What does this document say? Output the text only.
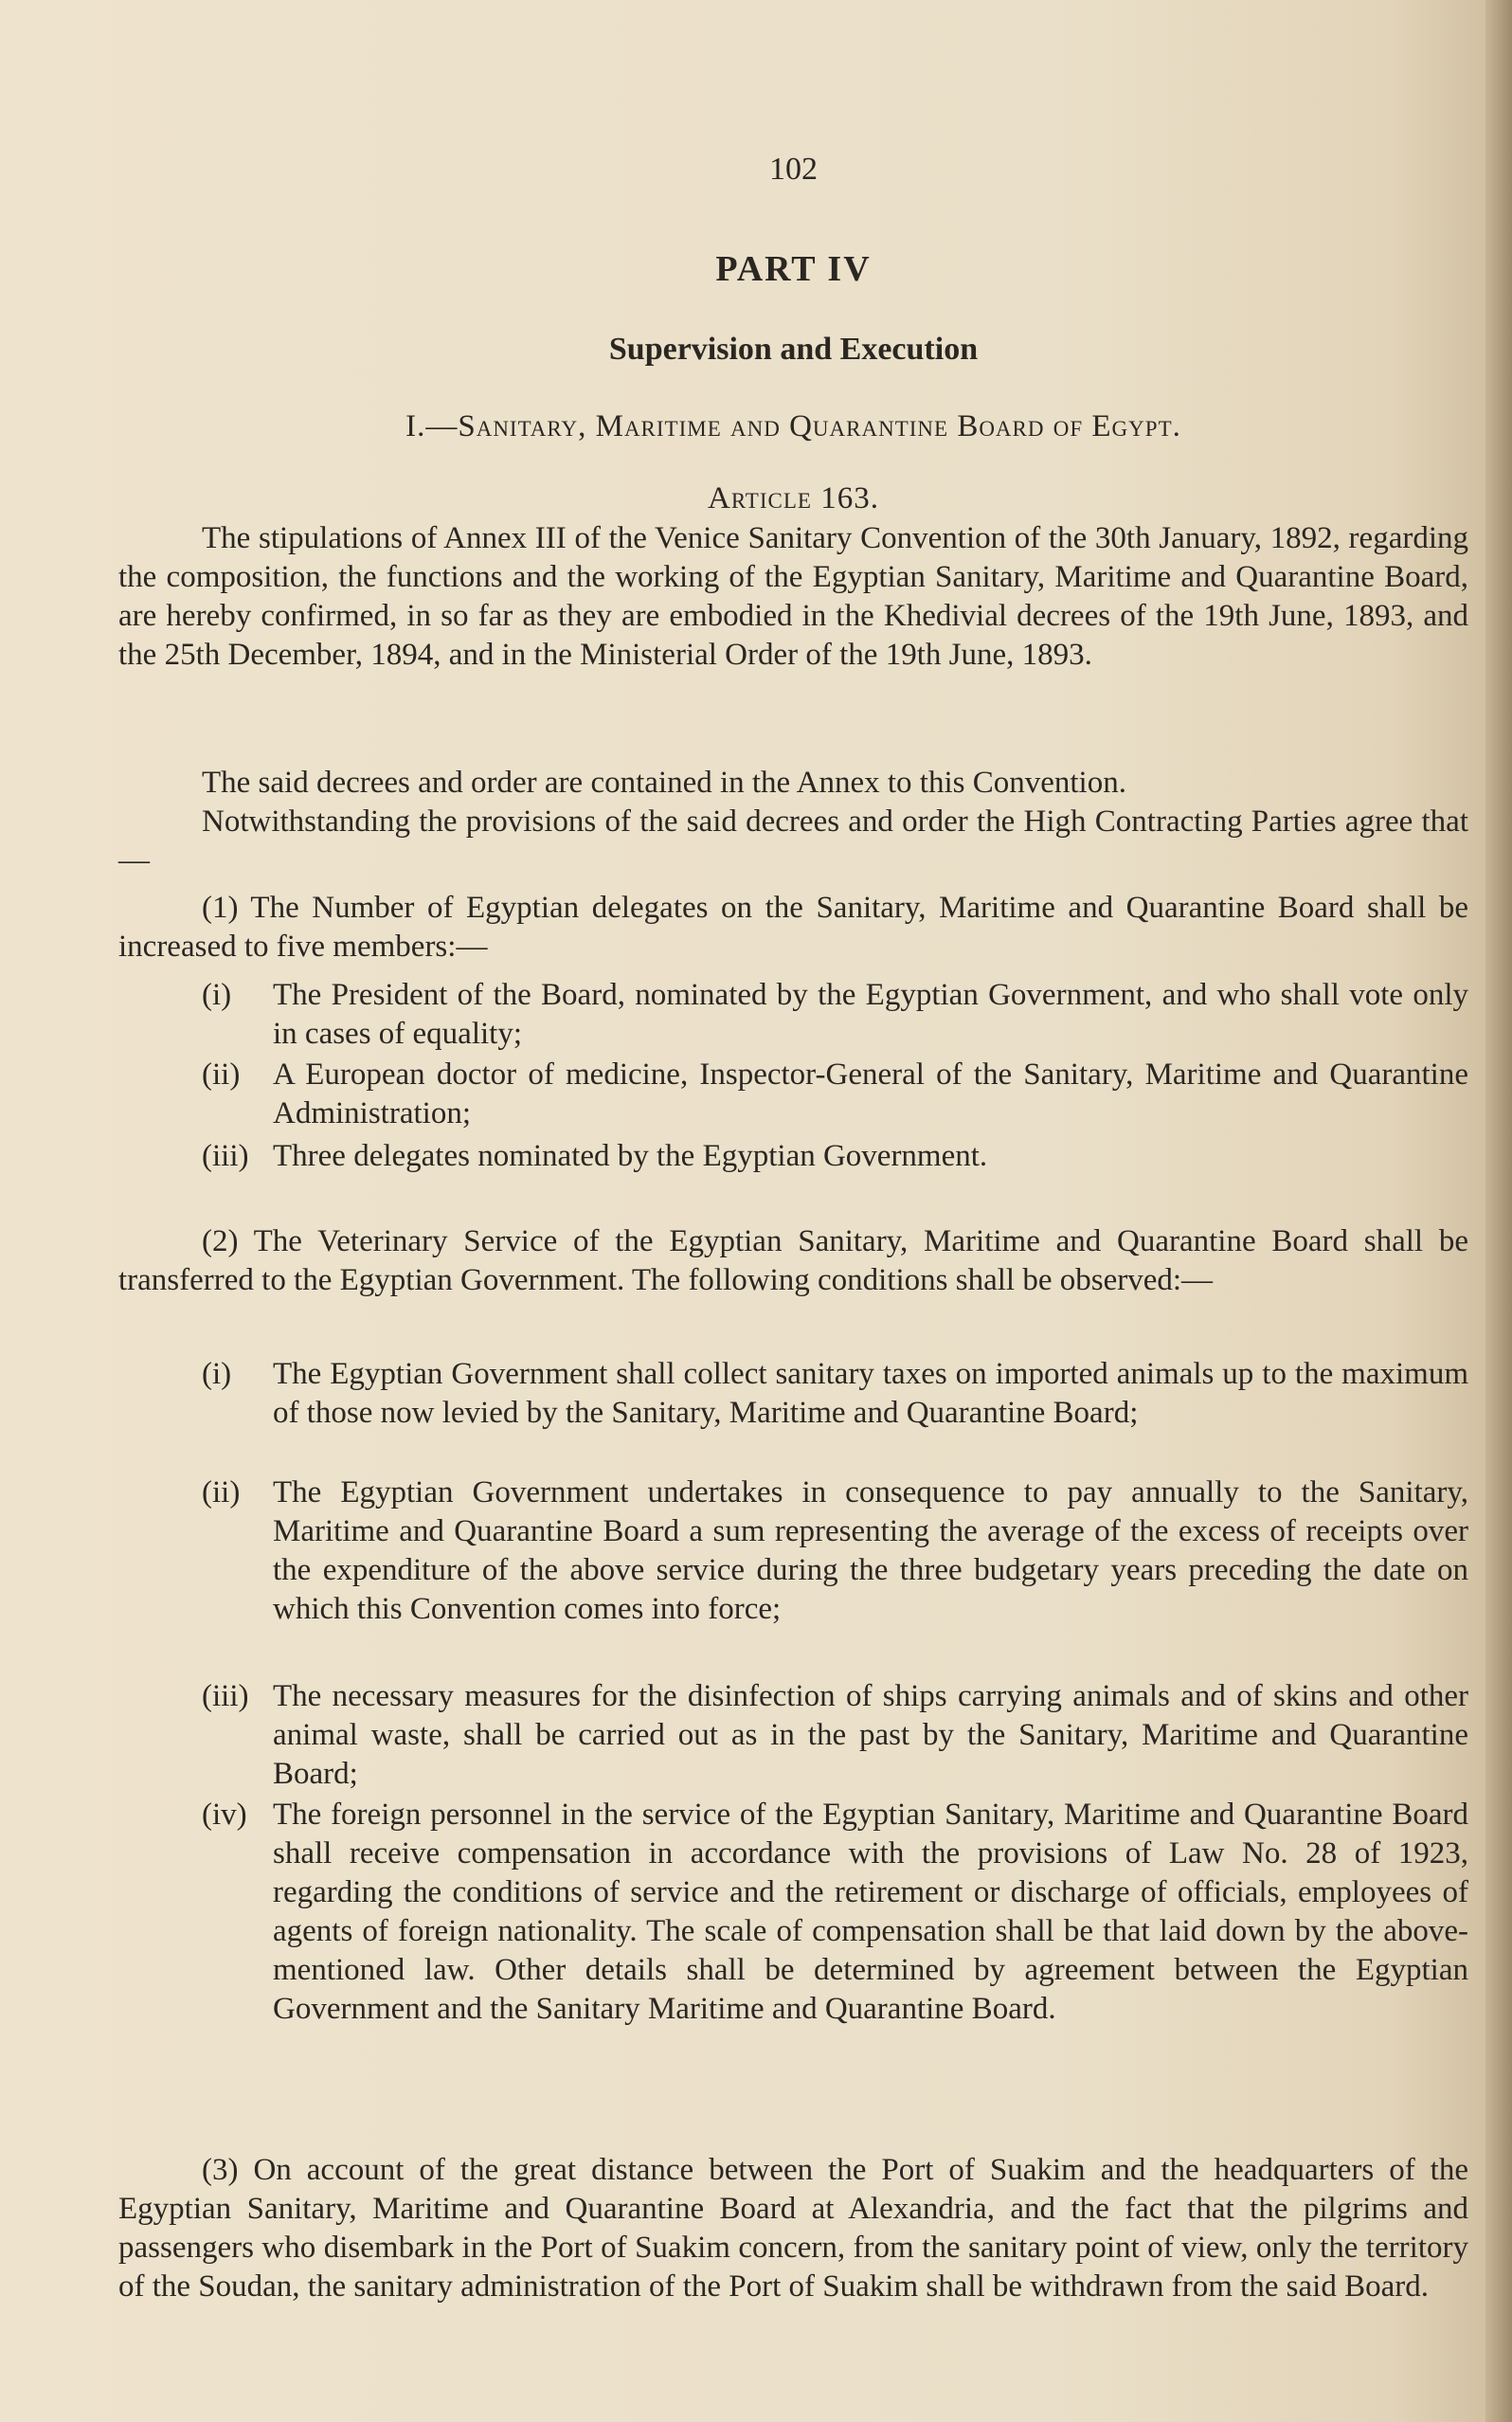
102
PART IV
Supervision and Execution
I.—Sanitary, Maritime and Quarantine Board of Egypt.
Article 163.
The stipulations of Annex III of the Venice Sanitary Convention of the 30th January, 1892, regarding the composition, the functions and the working of the Egyptian Sanitary, Maritime and Quarantine Board, are hereby confirmed, in so far as they are embodied in the Khedivial decrees of the 19th June, 1893, and the 25th December, 1894, and in the Ministerial Order of the 19th June, 1893.
The said decrees and order are contained in the Annex to this Convention.
Notwithstanding the provisions of the said decrees and order the High Contracting Parties agree that—
(1) The Number of Egyptian delegates on the Sanitary, Maritime and Quarantine Board shall be increased to five members:—
(i) The President of the Board, nominated by the Egyptian Government, and who shall vote only in cases of equality;
(ii) A European doctor of medicine, Inspector-General of the Sanitary, Maritime and Quarantine Administration;
(iii) Three delegates nominated by the Egyptian Government.
(2) The Veterinary Service of the Egyptian Sanitary, Maritime and Quarantine Board shall be transferred to the Egyptian Government. The following conditions shall be observed:—
(i) The Egyptian Government shall collect sanitary taxes on imported animals up to the maximum of those now levied by the Sanitary, Maritime and Quarantine Board;
(ii) The Egyptian Government undertakes in consequence to pay annually to the Sanitary, Maritime and Quarantine Board a sum representing the average of the excess of receipts over the expenditure of the above service during the three budgetary years preceding the date on which this Convention comes into force;
(iii) The necessary measures for the disinfection of ships carrying animals and of skins and other animal waste, shall be carried out as in the past by the Sanitary, Maritime and Quarantine Board;
(iv) The foreign personnel in the service of the Egyptian Sanitary, Maritime and Quarantine Board shall receive compensation in accordance with the provisions of Law No. 28 of 1923, regarding the conditions of service and the retirement or discharge of officials, employees of agents of foreign nationality. The scale of compensation shall be that laid down by the above-mentioned law. Other details shall be determined by agreement between the Egyptian Government and the Sanitary Maritime and Quarantine Board.
(3) On account of the great distance between the Port of Suakim and the headquarters of the Egyptian Sanitary, Maritime and Quarantine Board at Alexandria, and the fact that the pilgrims and passengers who disembark in the Port of Suakim concern, from the sanitary point of view, only the territory of the Soudan, the sanitary administration of the Port of Suakim shall be withdrawn from the said Board.
